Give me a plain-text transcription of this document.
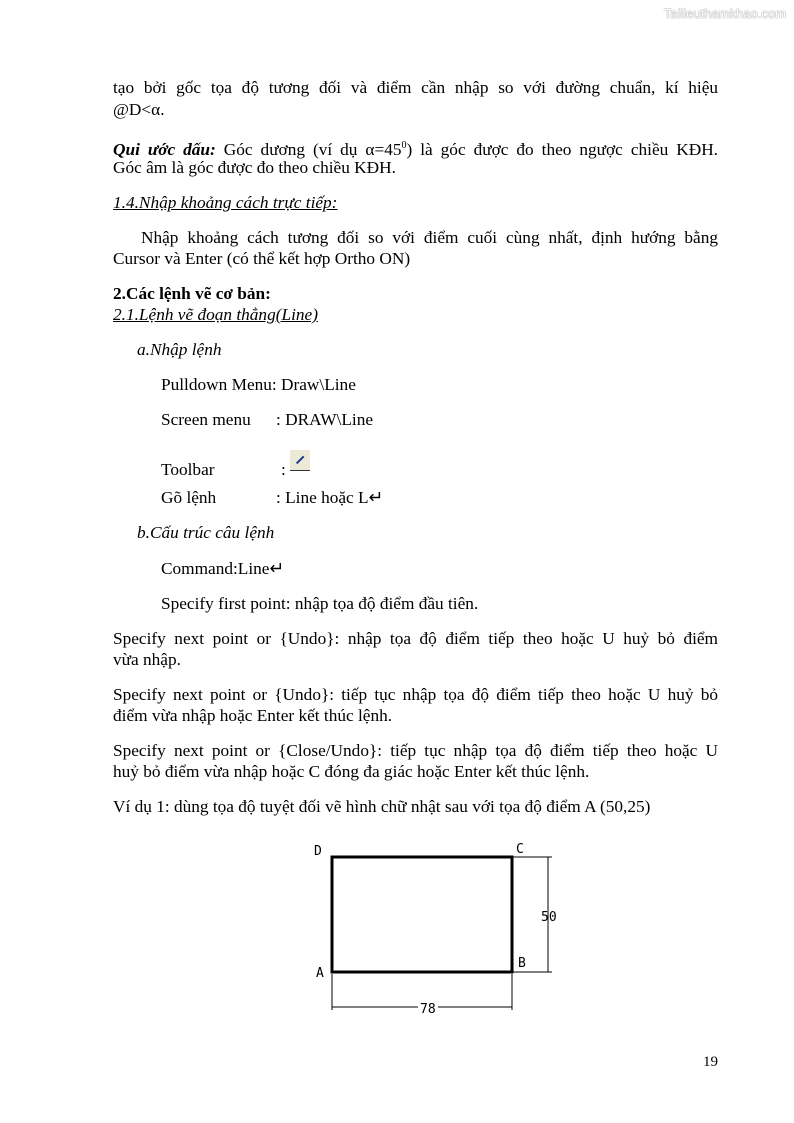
Tailieuthamkhao.com
tạo bởi gốc tọa độ tương đối và điểm cần nhập so với đường chuẩn, kí hiệu
@D<α.
Qui ước dấu: Góc dương (ví dụ $\alpha=45^0$) là góc được đo theo ngược chiều KĐH.
Góc âm là góc được đo theo chiều KĐH.
1.4.Nhập khoảng cách trực tiếp:
Nhập khoảng cách tương đối so với điểm cuối cùng nhất, định hướng bằng
Cursor và Enter (có thể kết hợp Ortho ON)
2.Các lệnh vẽ cơ bản:
2.1.Lệnh vẽ đoạn thẳng(Line)
a.Nhập lệnh
Pulldown Menu: Draw\Line
Screen menu : DRAW\Line
Toolbar	:
Gõ lệnh	: Line hoặc L↵
b.Cấu trúc câu lệnh
Command:Line↵
Specify first point: nhập tọa độ điểm đầu tiên.
Specify next point or {Undo}: nhập tọa độ điểm tiếp theo hoặc U huỷ bỏ điểm
vừa nhập.
Specify next point or {Undo}: tiếp tục nhập tọa độ điểm tiếp theo hoặc U huỷ bỏ
điểm vừa nhập hoặc Enter kết thúc lệnh.
Specify next point or {Close/Undo}: tiếp tục nhập tọa độ điểm tiếp theo hoặc U
huỷ bỏ điểm vừa nhập hoặc C đóng đa giác hoặc Enter kết thúc lệnh.
Ví dụ 1: dùng tọa độ tuyệt đối vẽ hình chữ nhật sau với tọa độ điểm A (50,25)
D	C
A
B
50
78
19
